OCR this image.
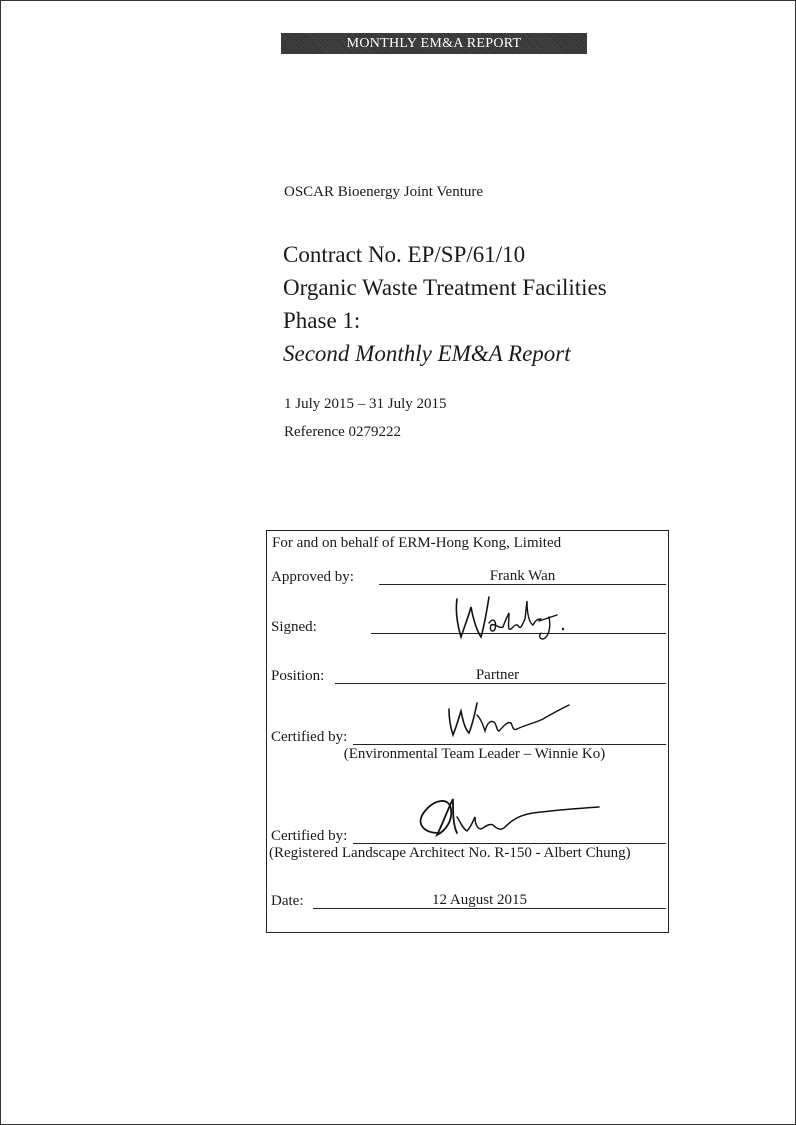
MONTHLY EM&A REPORT
OSCAR Bioenergy Joint Venture
Contract No. EP/SP/61/10
Organic Waste Treatment Facilities
Phase 1:
Second Monthly EM&A Report
1 July 2015 – 31 July 2015
Reference 0279222
For and on behalf of ERM-Hong Kong, Limited
Approved by:	Frank Wan
Signed:
Position:	Partner
Certified by:
(Environmental Team Leader – Winnie Ko)
Certified by:
(Registered Landscape Architect No. R-150 - Albert Chung)
Date:	12 August 2015
